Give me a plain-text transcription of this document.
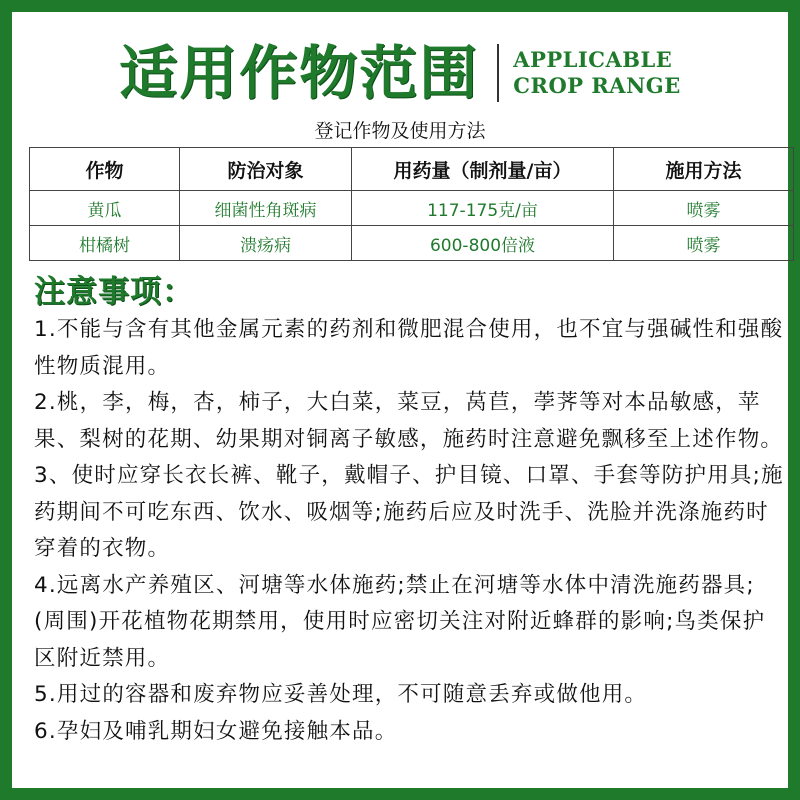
适用作物范围 APPLICABLE
CROP RANGE
登记作物及使用方法
作物	防治对象	用药量（制剂量/亩）	施用方法
黄瓜	细菌性角斑病	117-175克/亩	喷雾
柑橘树	溃疡病	600-800倍液	喷雾
注意事项：

1.不能与含有其他金属元素的药剂和微肥混合使用，也不宜与强碱性和强酸性物质混用。

2.桃，李，梅，杏，柿子，大白菜，菜豆，莴苣，荸荠等对本品敏感，苹果、梨树的花期、幼果期对铜离子敏感，施药时注意避免飘移至上述作物。

3、使时应穿长衣长裤、靴子，戴帽子、护目镜、口罩、手套等防护用具;施药期间不可吃东西、饮水、吸烟等;施药后应及时洗手、洗脸并洗涤施药时穿着的衣物。

4.远离水产养殖区、河塘等水体施药;禁止在河塘等水体中清洗施药器具;(周围)开花植物花期禁用，使用时应密切关注对附近蜂群的影响;鸟类保护区附近禁用。

5.用过的容器和废弃物应妥善处理，不可随意丢弃或做他用。

6.孕妇及哺乳期妇女避免接触本品。
